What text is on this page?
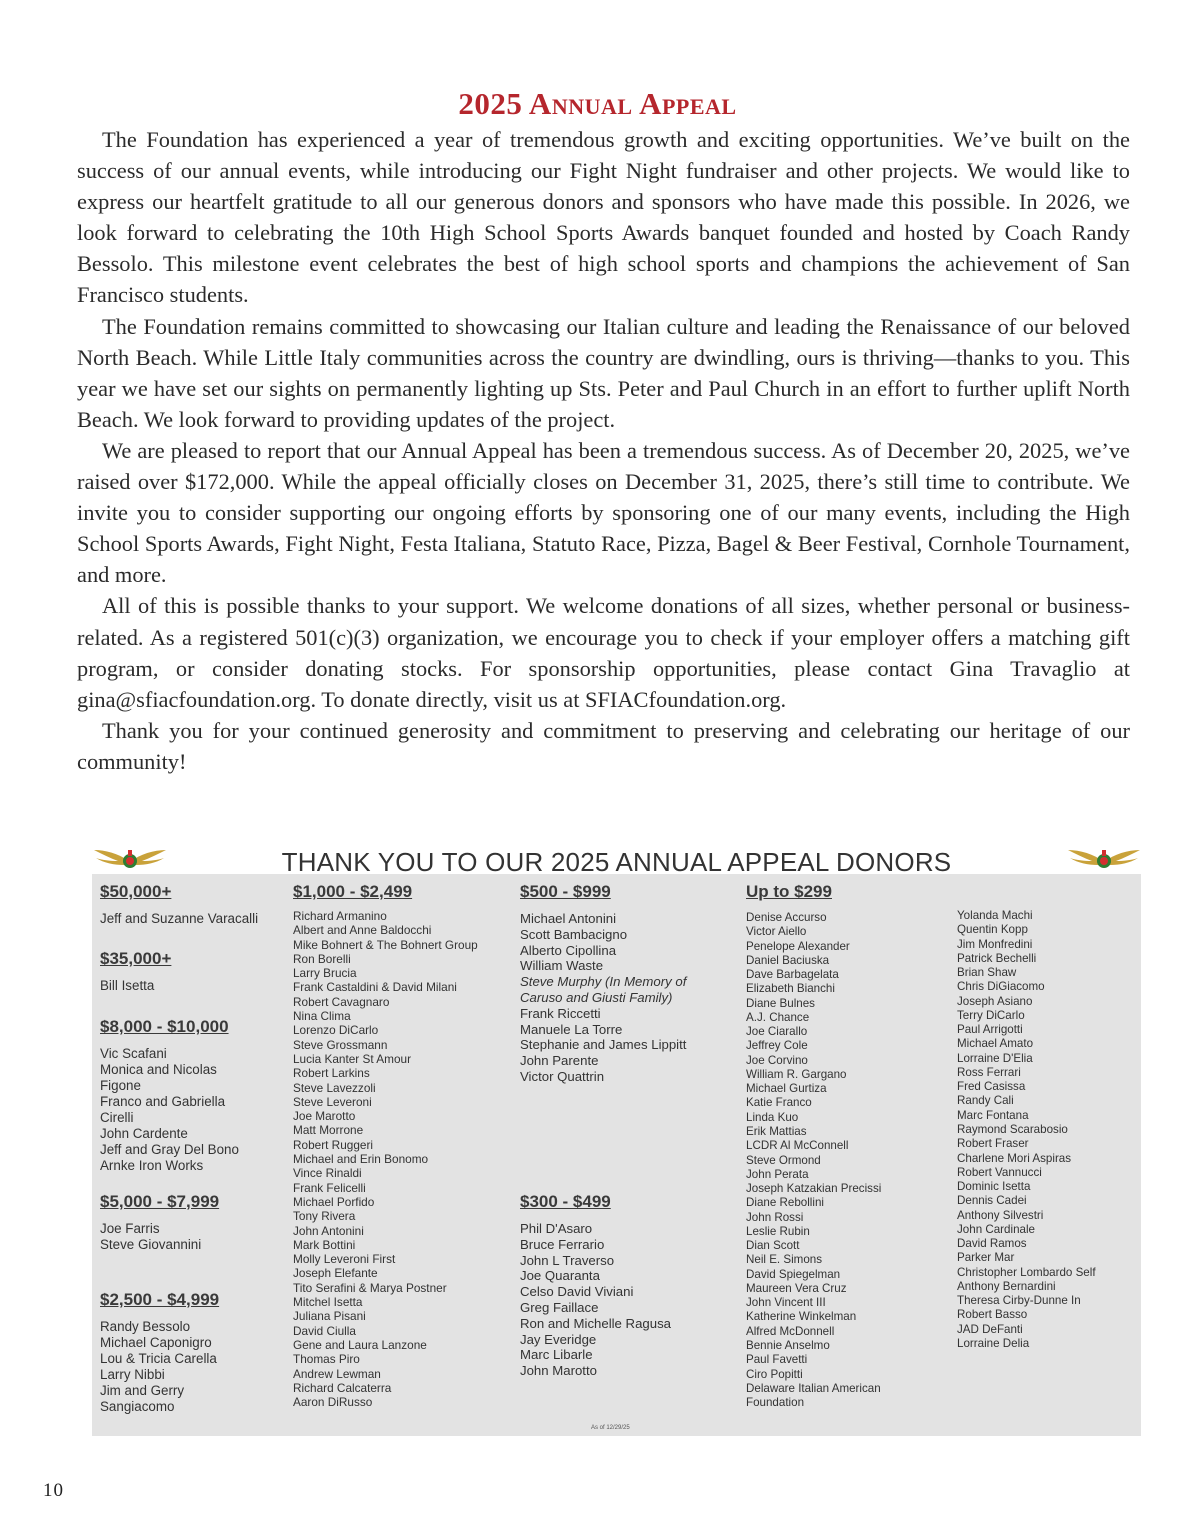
2025 Annual Appeal

The Foundation has experienced a year of tremendous growth and exciting opportunities. We’ve built on the success of our annual events, while introducing our Fight Night fundraiser and other projects. We would like to express our heartfelt gratitude to all our generous donors and sponsors who have made this possible. In 2026, we look forward to celebrating the 10th High School Sports Awards banquet founded and hosted by Coach Randy Bessolo. This milestone event celebrates the best of high school sports and champions the achievement of San Francisco students.

The Foundation remains committed to showcasing our Italian culture and leading the Renaissance of our beloved North Beach. While Little Italy communities across the country are dwindling, ours is thriving—thanks to you. This year we have set our sights on permanently lighting up Sts. Peter and Paul Church in an effort to further uplift North Beach. We look forward to providing updates of the project.

We are pleased to report that our Annual Appeal has been a tremendous success. As of December 20, 2025, we’ve raised over $172,000. While the appeal officially closes on December 31, 2025, there’s still time to contribute. We invite you to consider supporting our ongoing efforts by sponsoring one of our many events, including the High School Sports Awards, Fight Night, Festa Italiana, Statuto Race, Pizza, Bagel & Beer Festival, Cornhole Tournament, and more.

All of this is possible thanks to your support. We welcome donations of all sizes, whether personal or business-related. As a registered 501(c)(3) organization, we encourage you to check if your employer offers a matching gift program, or consider donating stocks. For sponsorship opportunities, please contact Gina Travaglio at gina@sfiacfoundation.org. To donate directly, visit us at SFIACfoundation.org.

Thank you for your continued generosity and commitment to preserving and celebrating our heritage of our community!

THANK YOU TO OUR 2025 ANNUAL APPEAL DONORS
$50,000+
Jeff and Suzanne Varacalli
$35,000+
Bill Isetta
$8,000 - $10,000
Vic Scafani
Monica and Nicolas
Figone
Franco and Gabriella
Cirelli
John Cardente
Jeff and Gray Del Bono
Arnke Iron Works
$5,000 - $7,999
Joe Farris
Steve Giovannini
$2,500 - $4,999
Randy Bessolo
Michael Caponigro
Lou & Tricia Carella
Larry Nibbi
Jim and Gerry
Sangiacomo
$1,000 - $2,499
Richard Armanino
Albert and Anne Baldocchi
Mike Bohnert & The Bohnert Group
Ron Borelli
Larry Brucia
Frank Castaldini & David Milani
Robert Cavagnaro
Nina Clima
Lorenzo DiCarlo
Steve Grossmann
Lucia Kanter St Amour
Robert Larkins
Steve Lavezzoli
Steve Leveroni
Joe Marotto
Matt Morrone
Robert Ruggeri
Michael and Erin Bonomo
Vince Rinaldi
Frank Felicelli
Michael Porfido
Tony Rivera
John Antonini
Mark Bottini
Molly Leveroni First
Joseph Elefante
Tito Serafini & Marya Postner
Mitchel Isetta
Juliana Pisani
David Ciulla
Gene and Laura Lanzone
Thomas Piro
Andrew Lewman
Richard Calcaterra
Aaron DiRusso
$500 - $999
Michael Antonini
Scott Bambacigno
Alberto Cipollina
William Waste
Steve Murphy (In Memory of
Caruso and Giusti Family)
Frank Riccetti
Manuele La Torre
Stephanie and James Lippitt
John Parente
Victor Quattrin
$300 - $499
Phil D'Asaro
Bruce Ferrario
John L Traverso
Joe Quaranta
Celso David Viviani
Greg Faillace
Ron and Michelle Ragusa
Jay Everidge
Marc Libarle
John Marotto
Up to $299
Denise Accurso
Victor Aiello
Penelope Alexander
Daniel Baciuska
Dave Barbagelata
Elizabeth Bianchi
Diane Bulnes
A.J. Chance
Joe Ciarallo
Jeffrey Cole
Joe Corvino
William R. Gargano
Michael Gurtiza
Katie Franco
Linda Kuo
Erik Mattias
LCDR Al McConnell
Steve Ormond
John Perata
Joseph Katzakian Precissi
Diane Rebollini
John Rossi
Leslie Rubin
Dian Scott
Neil E. Simons
David Spiegelman
Maureen Vera Cruz
John Vincent III
Katherine Winkelman
Alfred McDonnell
Bennie Anselmo
Paul Favetti
Ciro Popitti
Delaware Italian American
Foundation
Yolanda Machi
Quentin Kopp
Jim Monfredini
Patrick Bechelli
Brian Shaw
Chris DiGiacomo
Joseph Asiano
Terry DiCarlo
Paul Arrigotti
Michael Amato
Lorraine D'Elia
Ross Ferrari
Fred Casissa
Randy Cali
Marc Fontana
Raymond Scarabosio
Robert Fraser
Charlene Mori Aspiras
Robert Vannucci
Dominic Isetta
Dennis Cadei
Anthony Silvestri
John Cardinale
David Ramos
Parker Mar
Christopher Lombardo Self
Anthony Bernardini
Theresa Cirby-Dunne In
Robert Basso
JAD DeFanti
Lorraine Delia
As of 12/29/25
10
